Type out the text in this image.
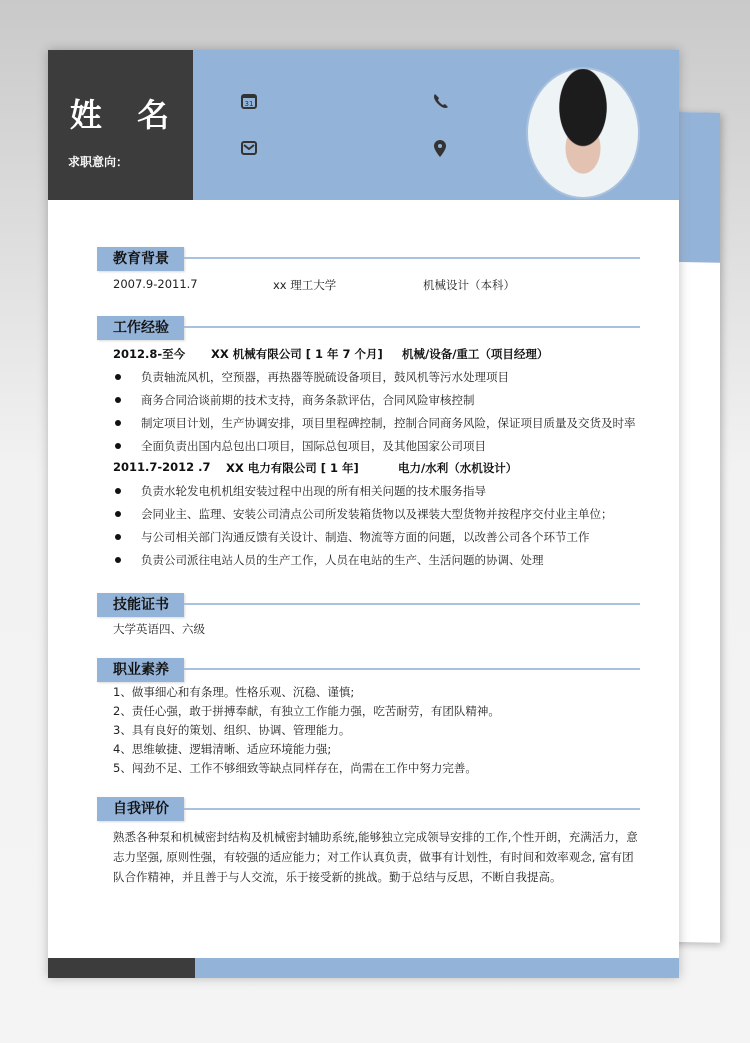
姓 名
求职意向：
31
教育背景
2007.9-2011.7	xx 理工大学	机械设计（本科）
工作经验
2012.8-至今 XX 机械有限公司 [ 1 年 7 个月] 机械/设备/重工（项目经理）
负责轴流风机，空预器，再热器等脱硫设备项目，鼓风机等污水处理项目
商务合同洽谈前期的技术支持，商务条款评估，合同风险审核控制
制定项目计划，生产协调安排，项目里程碑控制，控制合同商务风险，保证项目质量及交货及时率
全面负责出国内总包出口项目，国际总包项目，及其他国家公司项目
2011.7-2012 .7 XX 电力有限公司 [ 1 年]	电力/水利（水机设计）
负责水轮发电机机组安装过程中出现的所有相关问题的技术服务指导
会同业主、监理、安装公司清点公司所发装箱货物以及裸装大型货物并按程序交付业主单位；
与公司相关部门沟通反馈有关设计、制造、物流等方面的问题，以改善公司各个环节工作
负责公司派往电站人员的生产工作，人员在电站的生产、生活问题的协调、处理
技能证书
大学英语四、六级
职业素养
1、做事细心和有条理。性格乐观、沉稳、谨慎;
2、责任心强，敢于拼搏奉献，有独立工作能力强，吃苦耐劳，有团队精神。
3、具有良好的策划、组织、协调、管理能力。
4、思维敏捷、逻辑清晰、适应环境能力强;
5、闯劲不足、工作不够细致等缺点同样存在，尚需在工作中努力完善。
自我评价
熟悉各种泵和机械密封结构及机械密封辅助系统,能够独立完成领导安排的工作,个性开朗，充满活力，意
志力坚强, 原则性强，有较强的适应能力；对工作认真负责，做事有计划性，有时间和效率观念, 富有团
队合作精神，并且善于与人交流，乐于接受新的挑战。勤于总结与反思，不断自我提高。
